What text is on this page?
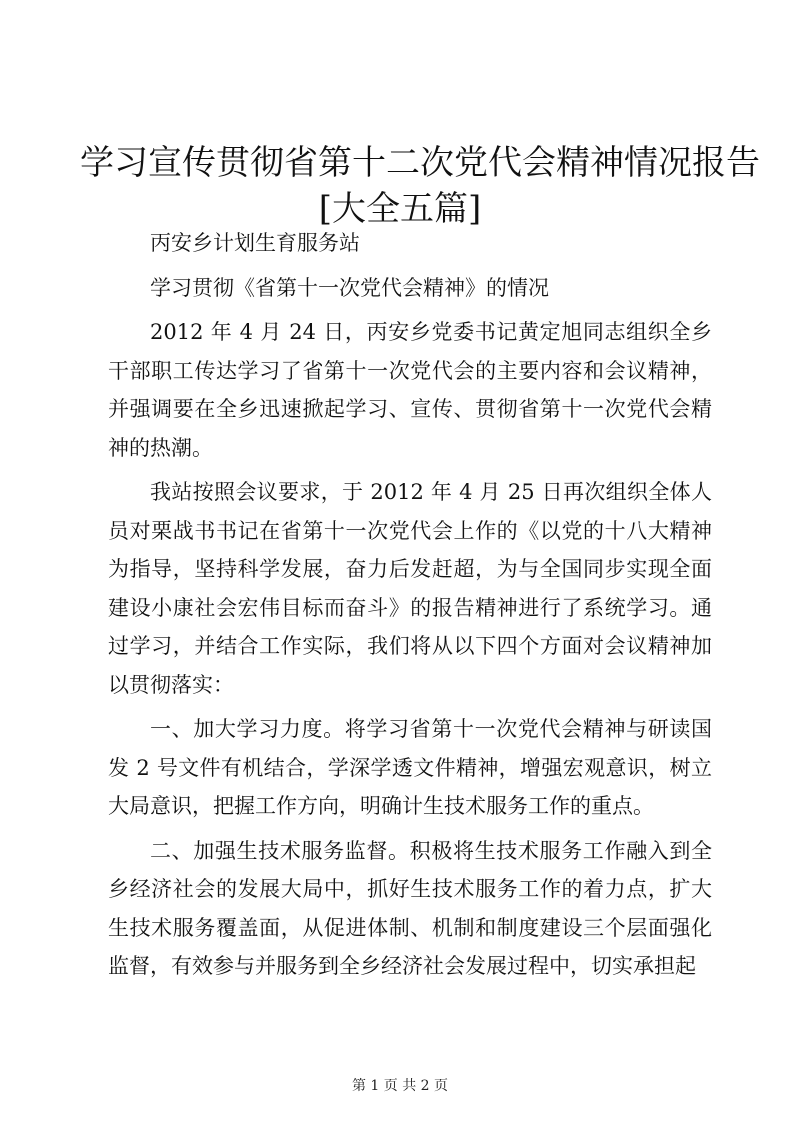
学习宣传贯彻省第十二次党代会精神情况报告
[大全五篇]

丙安乡计划生育服务站

学习贯彻《省第十一次党代会精神》的情况

2012 年 4 月 24 日，丙安乡党委书记黄定旭同志组织全乡干部职工传达学习了省第十一次党代会的主要内容和会议精神，并强调要在全乡迅速掀起学习、宣传、贯彻省第十一次党代会精神的热潮。

我站按照会议要求，于 2012 年 4 月 25 日再次组织全体人员对栗战书书记在省第十一次党代会上作的《以党的十八大精神为指导，坚持科学发展，奋力后发赶超，为与全国同步实现全面建设小康社会宏伟目标而奋斗》的报告精神进行了系统学习。通过学习，并结合工作实际，我们将从以下四个方面对会议精神加以贯彻落实：

一、加大学习力度。将学习省第十一次党代会精神与研读国发 2 号文件有机结合，学深学透文件精神，增强宏观意识，树立大局意识，把握工作方向，明确计生技术服务工作的重点。

二、加强生技术服务监督。积极将生技术服务工作融入到全乡经济社会的发展大局中，抓好生技术服务工作的着力点，扩大生技术服务覆盖面，从促进体制、机制和制度建设三个层面强化监督，有效参与并服务到全乡经济社会发展过程中，切实承担起

第 1 页 共 2 页
